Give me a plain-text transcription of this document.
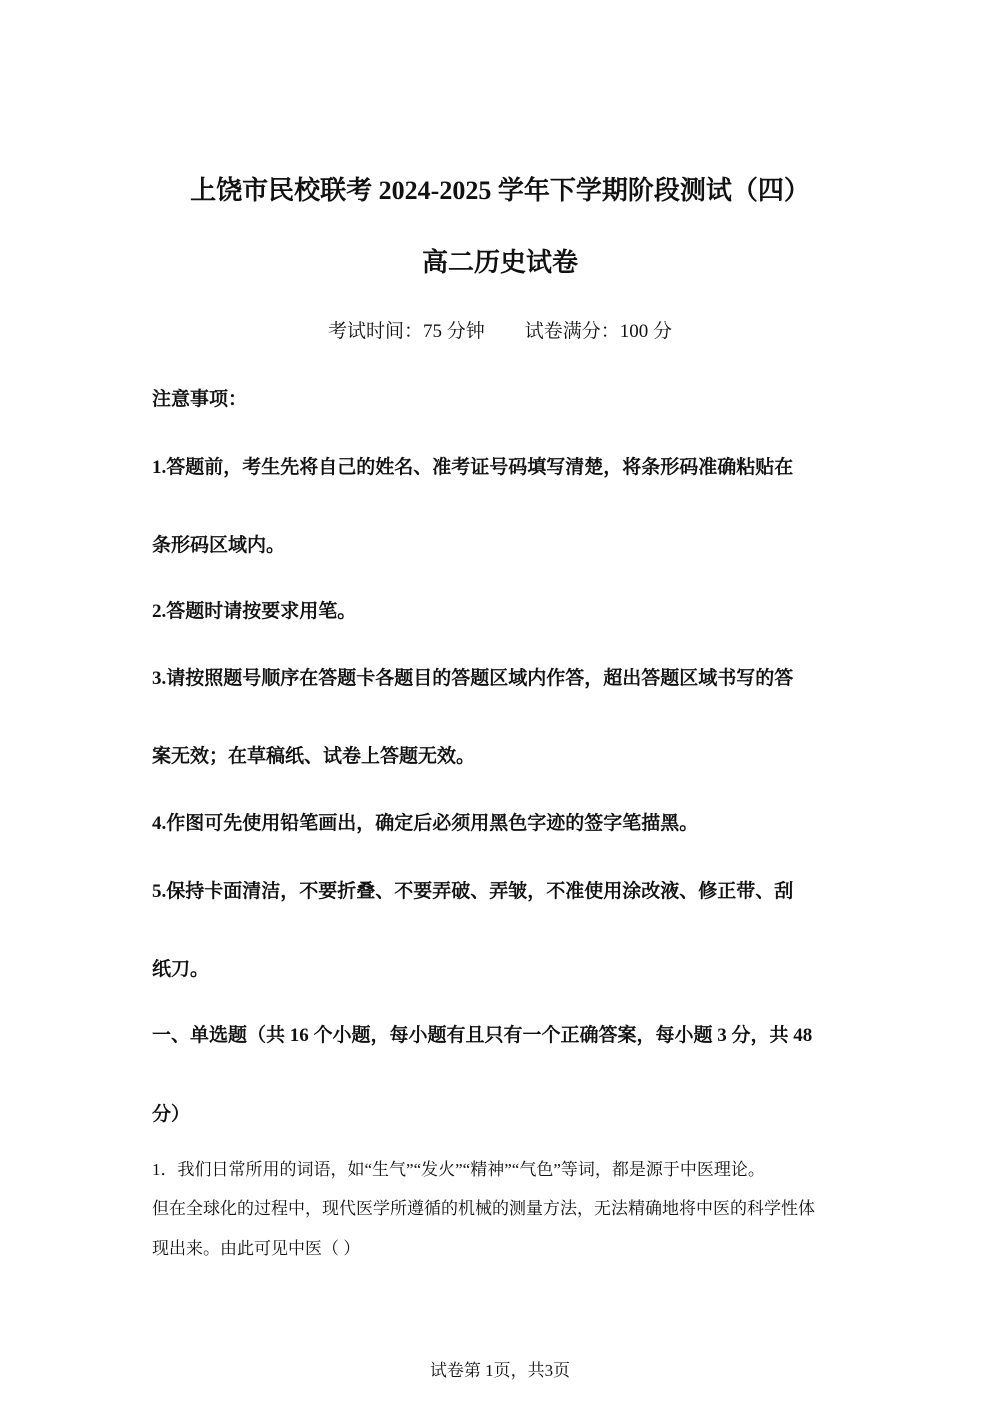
上饶市民校联考 2024-2025 学年下学期阶段测试（四）
高二历史试卷
考试时间：75 分钟 试卷满分：100 分
注意事项：
1.答题前，考生先将自己的姓名、准考证号码填写清楚，将条形码准确粘贴在
条形码区域内。
2.答题时请按要求用笔。
3.请按照题号顺序在答题卡各题目的答题区域内作答，超出答题区域书写的答
案无效；在草稿纸、试卷上答题无效。
4.作图可先使用铅笔画出，确定后必须用黑色字迹的签字笔描黑。
5.保持卡面清洁，不要折叠、不要弄破、弄皱，不准使用涂改液、修正带、刮
纸刀。
一、单选题（共 16 个小题，每小题有且只有一个正确答案，每小题 3 分，共 48
分）
1．我们日常所用的词语，如“生气”“发火”“精神”“气色”等词，都是源于中医理论。
但在全球化的过程中，现代医学所遵循的机械的测量方法，无法精确地将中医的科学性体
现出来。由此可见中医（ ）
试卷第 1页，共3页
